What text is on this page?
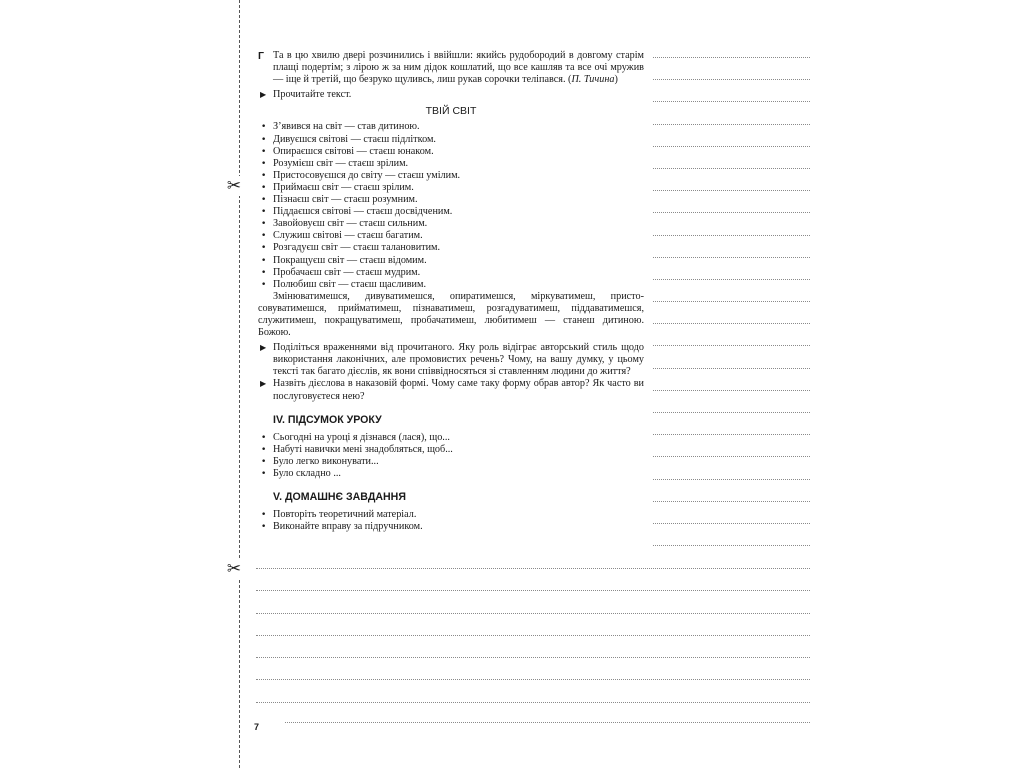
✂
✂
Г Та в цю хвилю двері розчинились і ввійшли: якийсь рудобородий в довгому старім плащі подертім; з лірою ж за ним дідок кошлатий, що все кашляв та все очі мружив — іще й третій, що безруко щуливсь, лиш рукав сорочки теліпався. (П. Тичина)
▶ Прочитайте текст.
ТВІЙ СВІТ
• З’явився на світ — став дитиною.
• Дивуєшся світові — стаєш підлітком.
• Опираєшся світові — стаєш юнаком.
• Розумієш світ — стаєш зрілим.
• Пристосовуєшся до світу — стаєш умілим.
• Приймаєш світ — стаєш зрілим.
• Пізнаєш світ — стаєш розумним.
• Піддаєшся світові — стаєш досвідченим.
• Завойовуєш світ — стаєш сильним.
• Служиш світові — стаєш багатим.
• Розгадуєш світ — стаєш талановитим.
• Покращуєш світ — стаєш відомим.
• Пробачаєш світ — стаєш мудрим.
• Полюбиш світ — стаєш щасливим.
Змінюватимешся, дивуватимешся, опиратимешся, міркуватимеш, пристосовуватимешся, прийматимеш, пізнаватимеш, розгадуватимеш, піддаватимешся, служитимеш, покращуватимеш, пробачатимеш, любитимеш — станеш дитиною. Божою.
▶ Поділіться враженнями від прочитаного. Яку роль відіграє авторський стиль щодо використання лаконічних, але промовистих речень? Чому, на вашу думку, у цьому тексті так багато дієслів, як вони співвідносяться зі ставленням людини до життя?
▶ Назвіть дієслова в наказовій формі. Чому саме таку форму обрав автор? Як часто ви послуговуєтеся нею?
IV. ПІДСУМОК УРОКУ
• Сьогодні на уроці я дізнався (лася), що...
• Набуті навички мені знадобляться, щоб...
• Було легко виконувати...
• Було складно ...
V. ДОМАШНЄ ЗАВДАННЯ
• Повторіть теоретичний матеріал.
• Виконайте вправу за підручником.
7
